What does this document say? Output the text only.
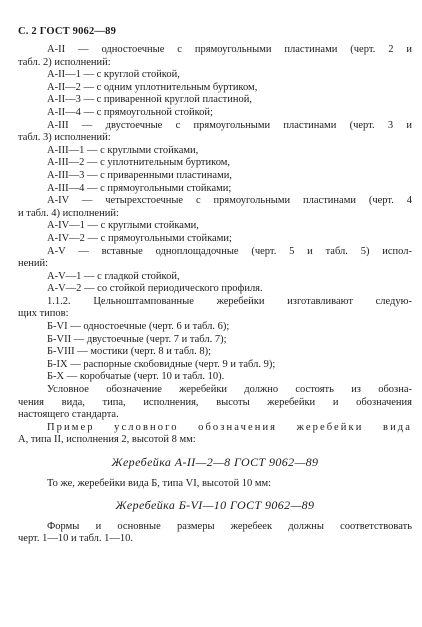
С. 2 ГОСТ 9062—89
А-II — одностоечные с прямоугольными пластинами (черт. 2 и
табл. 2) исполнений:
А-II—1 — с круглой стойкой,
А-II—2 — с одним уплотнительным буртиком,
А-II—3 — с приваренной круглой пластиной,
А-II—4 — с прямоугольной стойкой;
А-III — двустоечные с прямоугольными пластинами (черт. 3 и
табл. 3) исполнений:
А-III—1 — с круглыми стойками,
А-III—2 — с уплотнительным буртиком,
А-III—3 — с приваренными пластинами,
А-III—4 — с прямоугольными стойками;
А-IV — четырехстоечные с прямоугольными пластинами (черт. 4
и табл. 4) исполнений:
А-IV—1 — с круглыми стойками,
А-IV—2 — с прямоугольными стойками;
А-V — вставные одноплощадочные (черт. 5 и табл. 5) испол-
нений:
А-V—1 — с гладкой стойкой,
А-V—2 — со стойкой периодического профиля.
1.1.2. Цельноштампованные жеребейки изготавливают следую-
щих типов:
Б-VI — одностоечные (черт. 6 и табл. 6);
Б-VII — двустоечные (черт. 7 и табл. 7);
Б-VIII — мостики (черт. 8 и табл. 8);
Б-IX — распорные скобовидные (черт. 9 и табл. 9);
Б-X — коробчатые (черт. 10 и табл. 10).
Условное обозначение жеребейки должно состоять из обозна-
чения вида, типа, исполнения, высоты жеребейки и обозначения
настоящего стандарта.
Пример условного обозначения жеребейки вида
А, типа II, исполнения 2, высотой 8 мм:
Жеребейка А-II—2—8 ГОСТ 9062—89
То же, жеребейки вида Б, типа VI, высотой 10 мм:
Жеребейка Б-VI—10 ГОСТ 9062—89
Формы и основные размеры жеребеек должны соответствовать
черт. 1—10 и табл. 1—10.
